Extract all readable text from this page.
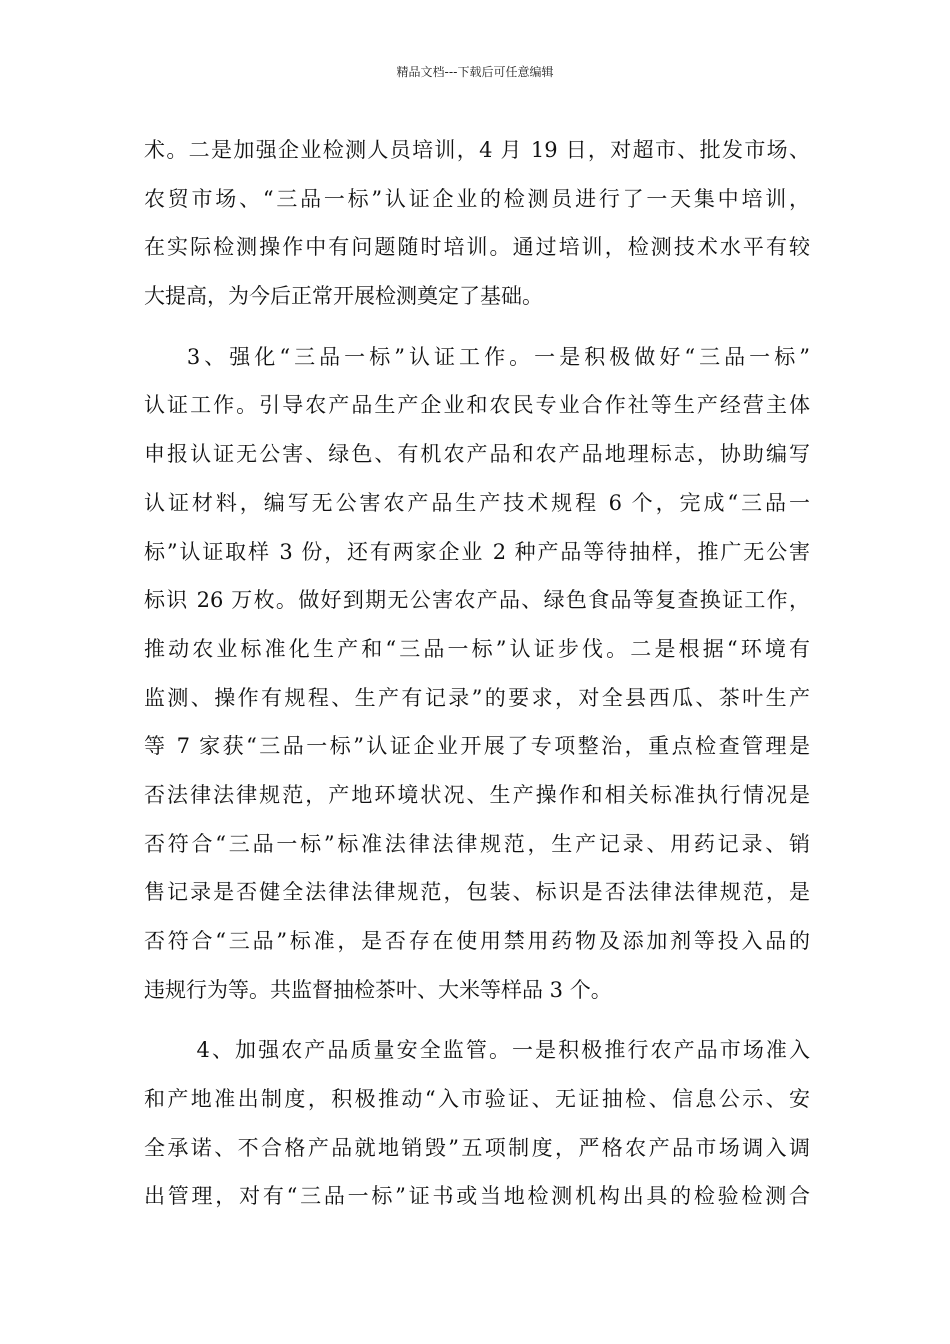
精品文档---下载后可任意编辑
术。二是加强企业检测人员培训，4 月 19 日，对超市、批发市场、
农贸市场、“三品一标”认证企业的检测员进行了一天集中培训，
在实际检测操作中有问题随时培训。通过培训，检测技术水平有较
大提高，为今后正常开展检测奠定了基础。
3、强化“三品一标”认证工作。一是积极做好“三品一标”
认证工作。引导农产品生产企业和农民专业合作社等生产经营主体
申报认证无公害、绿色、有机农产品和农产品地理标志，协助编写
认证材料，编写无公害农产品生产技术规程 6 个，完成“三品一
标”认证取样 3 份，还有两家企业 2 种产品等待抽样，推广无公害
标识 26 万枚。做好到期无公害农产品、绿色食品等复查换证工作，
推动农业标准化生产和“三品一标”认证步伐。二是根据“环境有
监测、操作有规程、生产有记录”的要求，对全县西瓜、茶叶生产
等 7 家获“三品一标”认证企业开展了专项整治，重点检查管理是
否法律法律规范，产地环境状况、生产操作和相关标准执行情况是
否符合“三品一标”标准法律法律规范，生产记录、用药记录、销
售记录是否健全法律法律规范，包装、标识是否法律法律规范，是
否符合“三品”标准，是否存在使用禁用药物及添加剂等投入品的
违规行为等。共监督抽检茶叶、大米等样品 3 个。
4、加强农产品质量安全监管。一是积极推行农产品市场准入
和产地准出制度，积极推动“入市验证、无证抽检、信息公示、安
全承诺、不合格产品就地销毁”五项制度，严格农产品市场调入调
出管理，对有“三品一标”证书或当地检测机构出具的检验检测合
